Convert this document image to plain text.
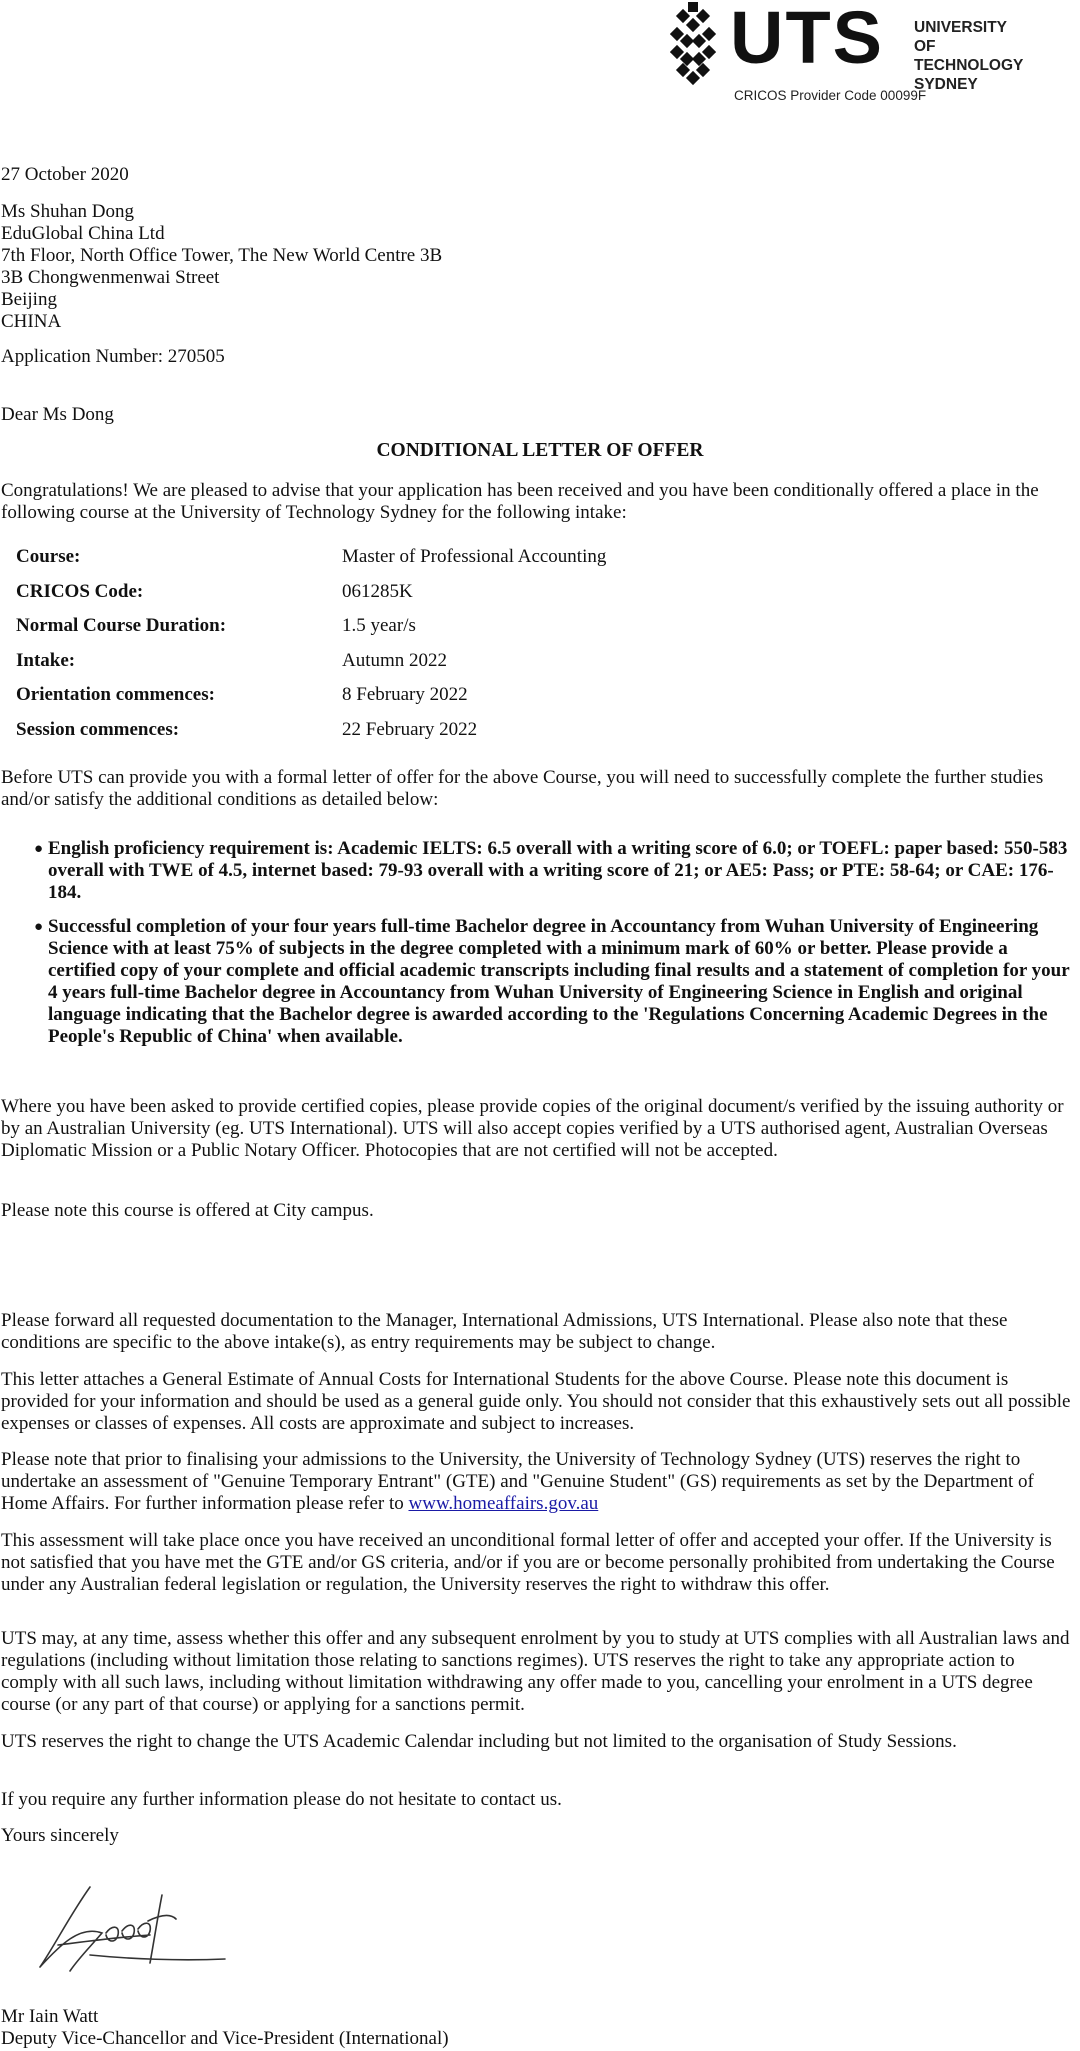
UTS UNIVERSITY
OF TECHNOLOGY
SYDNEY
CRICOS Provider Code 00099F
27 October 2020
Ms Shuhan Dong
EduGlobal China Ltd
7th Floor, North Office Tower, The New World Centre 3B
3B Chongwenmenwai Street
Beijing
CHINA
Application Number: 270505
Dear Ms Dong
CONDITIONAL LETTER OF OFFER

Congratulations! We are pleased to advise that your application has been received and you have been conditionally offered a place in the following course at the University of Technology Sydney for the following intake:

Course:	Master of Professional Accounting
CRICOS Code:	061285K
Normal Course Duration:	1.5 year/s
Intake:	Autumn 2022
Orientation commences:	8 February 2022
Session commences:	22 February 2022

Before UTS can provide you with a formal letter of offer for the above Course, you will need to successfully complete the further studies and/or satisfy the additional conditions as detailed below:

● English proficiency requirement is: Academic IELTS: 6.5 overall with a writing score of 6.0; or TOEFL: paper based: 550-583 overall with TWE of 4.5, internet based: 79-93 overall with a writing score of 21; or AE5: Pass; or PTE: 58-64; or CAE: 176-184.
● Successful completion of your four years full-time Bachelor degree in Accountancy from Wuhan University of Engineering Science with at least 75% of subjects in the degree completed with a minimum mark of 60% or better. Please provide a certified copy of your complete and official academic transcripts including final results and a statement of completion for your 4 years full-time Bachelor degree in Accountancy from Wuhan University of Engineering Science in English and original language indicating that the Bachelor degree is awarded according to the 'Regulations Concerning Academic Degrees in the People's Republic of China' when available.

Where you have been asked to provide certified copies, please provide copies of the original document/s verified by the issuing authority or by an Australian University (eg. UTS International). UTS will also accept copies verified by a UTS authorised agent, Australian Overseas Diplomatic Mission or a Public Notary Officer. Photocopies that are not certified will not be accepted.

Please note this course is offered at City campus.

Please forward all requested documentation to the Manager, International Admissions, UTS International. Please also note that these conditions are specific to the above intake(s), as entry requirements may be subject to change.

This letter attaches a General Estimate of Annual Costs for International Students for the above Course. Please note this document is provided for your information and should be used as a general guide only. You should not consider that this exhaustively sets out all possible expenses or classes of expenses. All costs are approximate and subject to increases.

Please note that prior to finalising your admissions to the University, the University of Technology Sydney (UTS) reserves the right to undertake an assessment of "Genuine Temporary Entrant" (GTE) and "Genuine Student" (GS) requirements as set by the Department of Home Affairs. For further information please refer to www.homeaffairs.gov.au

This assessment will take place once you have received an unconditional formal letter of offer and accepted your offer. If the University is not satisfied that you have met the GTE and/or GS criteria, and/or if you are or become personally prohibited from undertaking the Course under any Australian federal legislation or regulation, the University reserves the right to withdraw this offer.

UTS may, at any time, assess whether this offer and any subsequent enrolment by you to study at UTS complies with all Australian laws and regulations (including without limitation those relating to sanctions regimes). UTS reserves the right to take any appropriate action to comply with all such laws, including without limitation withdrawing any offer made to you, cancelling your enrolment in a UTS degree course (or any part of that course) or applying for a sanctions permit.

UTS reserves the right to change the UTS Academic Calendar including but not limited to the organisation of Study Sessions.

If you require any further information please do not hesitate to contact us.

Yours sincerely
Mr Iain Watt
Deputy Vice-Chancellor and Vice-President (International)
